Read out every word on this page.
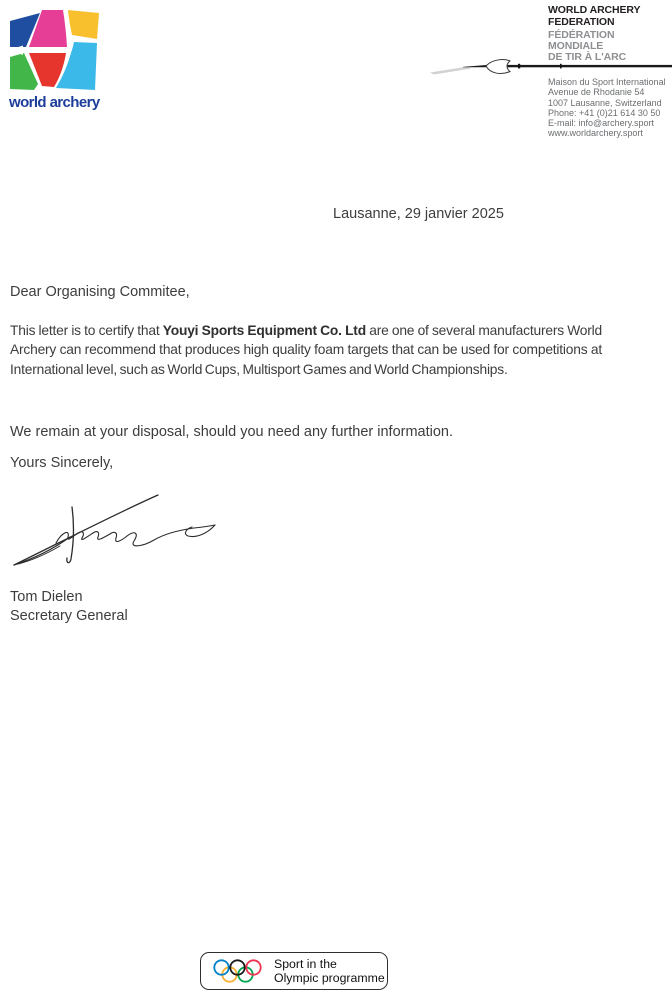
world archery
WORLD ARCHERY
FEDERATION
FÉDÉRATION
MONDIALE
DE TIR À L'ARC
Maison du Sport International
Avenue de Rhodanie 54
1007 Lausanne, Switzerland
Phone: +41 (0)21 614 30 50
E-mail: info@archery.sport
www.worldarchery.sport
Lausanne, 29 janvier 2025
Dear Organising Commitee,

This letter is to certify that Youyi Sports Equipment Co. Ltd are one of several manufacturers World Archery can recommend that produces high quality foam targets that can be used for competitions at International level, such as World Cups, Multisport Games and World Championships.

We remain at your disposal, should you need any further information.
Yours Sincerely,
Tom Dielen
Secretary General
Sport in the
Olympic programme
